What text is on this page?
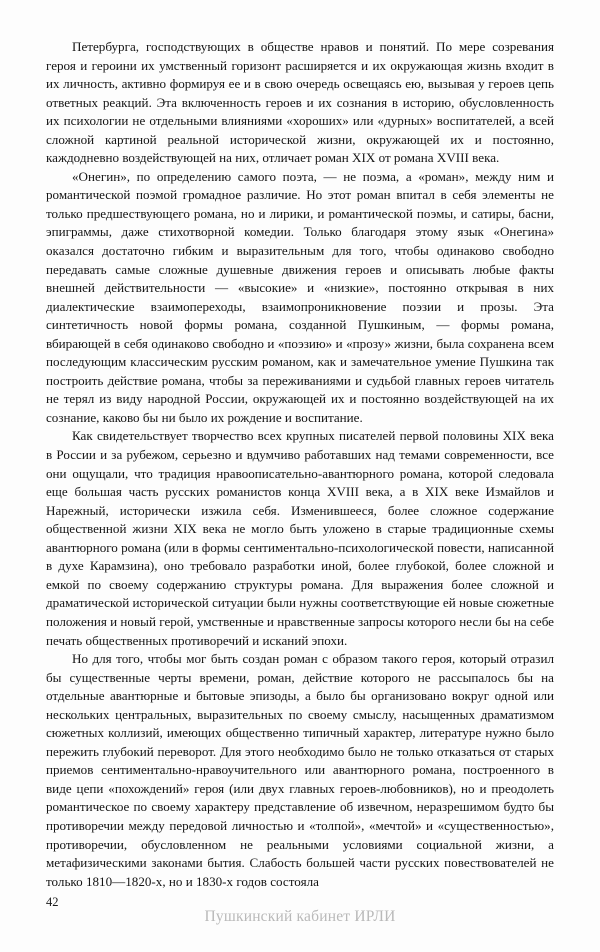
Петербурга, господствующих в обществе нравов и понятий. По мере созревания героя и героини их умственный горизонт расширяется и их окружающая жизнь входит в их личность, активно формируя ее и в свою очередь освещаясь ею, вызывая у героев цепь ответных реакций. Эта включенность героев и их сознания в историю, обусловленность их психологии не отдельными влияниями «хороших» или «дурных» воспитателей, а всей сложной картиной реальной исторической жизни, окружающей их и постоянно, каждодневно воздействующей на них, отличает роман XIX от романа XVIII века.

«Онегин», по определению самого поэта, — не поэма, а «роман», между ним и романтической поэмой громадное различие. Но этот роман впитал в себя элементы не только предшествующего романа, но и лирики, и романтической поэмы, и сатиры, басни, эпиграммы, даже стихотворной комедии. Только благодаря этому язык «Онегина» оказался достаточно гибким и выразительным для того, чтобы одинаково свободно передавать самые сложные душевные движения героев и описывать любые факты внешней действительности — «высокие» и «низкие», постоянно открывая в них диалектические взаимопереходы, взаимопроникновение поэзии и прозы. Эта синтетичность новой формы романа, созданной Пушкиным, — формы романа, вбирающей в себя одинаково свободно и «поэзию» и «прозу» жизни, была сохранена всем последующим классическим русским романом, как и замечательное умение Пушкина так построить действие романа, чтобы за переживаниями и судьбой главных героев читатель не терял из виду народной России, окружающей их и постоянно воздействующей на их сознание, каково бы ни было их рождение и воспитание.

Как свидетельствует творчество всех крупных писателей первой половины XIX века в России и за рубежом, серьезно и вдумчиво работавших над темами современности, все они ощущали, что традиция нравоописательно-авантюрного романа, которой следовала еще большая часть русских романистов конца XVIII века, а в XIX веке Измайлов и Нарежный, исторически изжила себя. Изменившееся, более сложное содержание общественной жизни XIX века не могло быть уложено в старые традиционные схемы авантюрного романа (или в формы сентиментально-психологической повести, написанной в духе Карамзина), оно требовало разработки иной, более глубокой, более сложной и емкой по своему содержанию структуры романа. Для выражения более сложной и драматической исторической ситуации были нужны соответствующие ей новые сюжетные положения и новый герой, умственные и нравственные запросы которого несли бы на себе печать общественных противоречий и исканий эпохи.

Но для того, чтобы мог быть создан роман с образом такого героя, который отразил бы существенные черты времени, роман, действие которого не рассыпалось бы на отдельные авантюрные и бытовые эпизоды, а было бы организовано вокруг одной или нескольких центральных, выразительных по своему смыслу, насыщенных драматизмом сюжетных коллизий, имеющих общественно типичный характер, литературе нужно было пережить глубокий переворот. Для этого необходимо было не только отказаться от старых приемов сентиментально-нравоучительного или авантюрного романа, построенного в виде цепи «похождений» героя (или двух главных героев-любовников), но и преодолеть романтическое по своему характеру представление об извечном, неразрешимом будто бы противоречии между передовой личностью и «толпой», «мечтой» и «существенностью», противоречии, обусловленном не реальными условиями социальной жизни, а метафизическими законами бытия. Слабость большей части русских повествователей не только 1810—1820-х, но и 1830-х годов состояла

42
Пушкинский кабинет ИРЛИ
